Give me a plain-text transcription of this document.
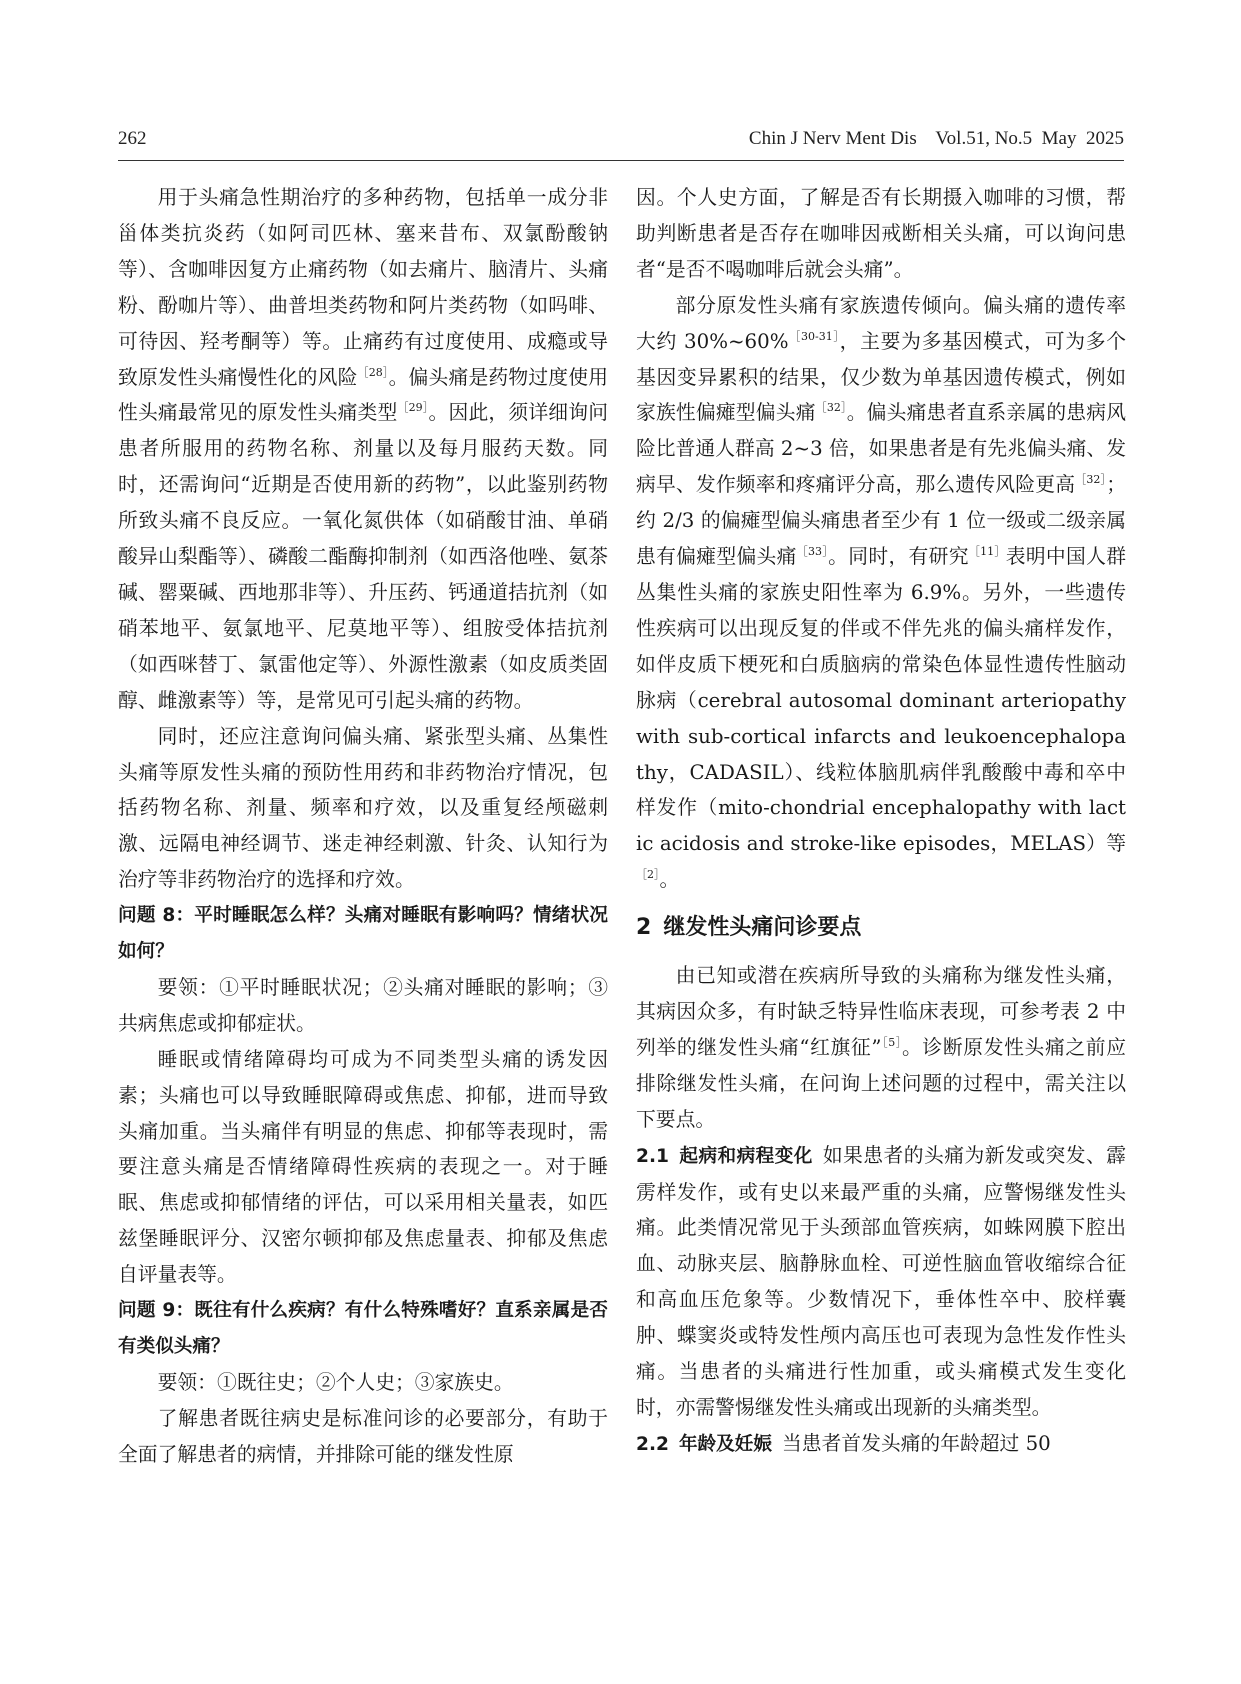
262	Chin J Nerv Ment Dis    Vol.51, No.5  May  2025

用于头痛急性期治疗的多种药物，包括单一成分非甾体类抗炎药（如阿司匹林、塞来昔布、双氯酚酸钠等）、含咖啡因复方止痛药物（如去痛片、脑清片、头痛粉、酚咖片等）、曲普坦类药物和阿片类药物（如吗啡、可待因、羟考酮等）等。止痛药有过度使用、成瘾或导致原发性头痛慢性化的风险$^{[28]}$。偏头痛是药物过度使用性头痛最常见的原发性头痛类型$^{[29]}$。因此，须详细询问患者所服用的药物名称、剂量以及每月服药天数。同时，还需询问“近期是否使用新的药物”，以此鉴别药物所致头痛不良反应。一氧化氮供体（如硝酸甘油、单硝酸异山梨酯等）、磷酸二酯酶抑制剂（如西洛他唑、氨茶碱、罂粟碱、西地那非等）、升压药、钙通道拮抗剂（如硝苯地平、氨氯地平、尼莫地平等）、组胺受体拮抗剂（如西咪替丁、氯雷他定等）、外源性激素（如皮质类固醇、雌激素等）等，是常见可引起头痛的药物。

同时，还应注意询问偏头痛、紧张型头痛、丛集性头痛等原发性头痛的预防性用药和非药物治疗情况，包括药物名称、剂量、频率和疗效，以及重复经颅磁刺激、远隔电神经调节、迷走神经刺激、针灸、认知行为治疗等非药物治疗的选择和疗效。

问题 8：平时睡眠怎么样？头痛对睡眠有影响吗？情绪状况如何？

要领：①平时睡眠状况；②头痛对睡眠的影响；③共病焦虑或抑郁症状。

睡眠或情绪障碍均可成为不同类型头痛的诱发因素；头痛也可以导致睡眠障碍或焦虑、抑郁，进而导致头痛加重。当头痛伴有明显的焦虑、抑郁等表现时，需要注意头痛是否情绪障碍性疾病的表现之一。对于睡眠、焦虑或抑郁情绪的评估，可以采用相关量表，如匹兹堡睡眠评分、汉密尔顿抑郁及焦虑量表、抑郁及焦虑自评量表等。

问题 9：既往有什么疾病？有什么特殊嗜好？直系亲属是否有类似头痛？

要领：①既往史；②个人史；③家族史。

了解患者既往病史是标准问诊的必要部分，有助于全面了解患者的病情，并排除可能的继发性原

因。个人史方面，了解是否有长期摄入咖啡的习惯，帮助判断患者是否存在咖啡因戒断相关头痛，可以询问患者“是否不喝咖啡后就会头痛”。

部分原发性头痛有家族遗传倾向。偏头痛的遗传率大约 30%~60%$^{[30-31]}$，主要为多基因模式，可为多个基因变异累积的结果，仅少数为单基因遗传模式，例如家族性偏瘫型偏头痛$^{[32]}$。偏头痛患者直系亲属的患病风险比普通人群高 2~3 倍，如果患者是有先兆偏头痛、发病早、发作频率和疼痛评分高，那么遗传风险更高$^{[32]}$；约 2/3 的偏瘫型偏头痛患者至少有 1 位一级或二级亲属患有偏瘫型偏头痛$^{[33]}$。同时，有研究$^{[11]}$表明中国人群丛集性头痛的家族史阳性率为 6.9%。另外，一些遗传性疾病可以出现反复的伴或不伴先兆的偏头痛样发作，如伴皮质下梗死和白质脑病的常染色体显性遗传性脑动脉病（cerebral autosomal dominant arteriopathy with sub-cortical infarcts and leukoencephalopathy，CADASIL）、线粒体脑肌病伴乳酸酸中毒和卒中样发作（mito-chondrial encephalopathy with lactic acidosis and stroke-like episodes，MELAS）等$^{[2]}$。

2 继发性头痛问诊要点

由已知或潜在疾病所导致的头痛称为继发性头痛，其病因众多，有时缺乏特异性临床表现，可参考表 2 中列举的继发性头痛“红旗征”$^{[5]}$。诊断原发性头痛之前应排除继发性头痛，在问询上述问题的过程中，需关注以下要点。

2.1 起病和病程变化 如果患者的头痛为新发或突发、霹雳样发作，或有史以来最严重的头痛，应警惕继发性头痛。此类情况常见于头颈部血管疾病，如蛛网膜下腔出血、动脉夹层、脑静脉血栓、可逆性脑血管收缩综合征和高血压危象等。少数情况下，垂体性卒中、胶样囊肿、蝶窦炎或特发性颅内高压也可表现为急性发作性头痛。当患者的头痛进行性加重，或头痛模式发生变化时，亦需警惕继发性头痛或出现新的头痛类型。

2.2 年龄及妊娠 当患者首发头痛的年龄超过 50
